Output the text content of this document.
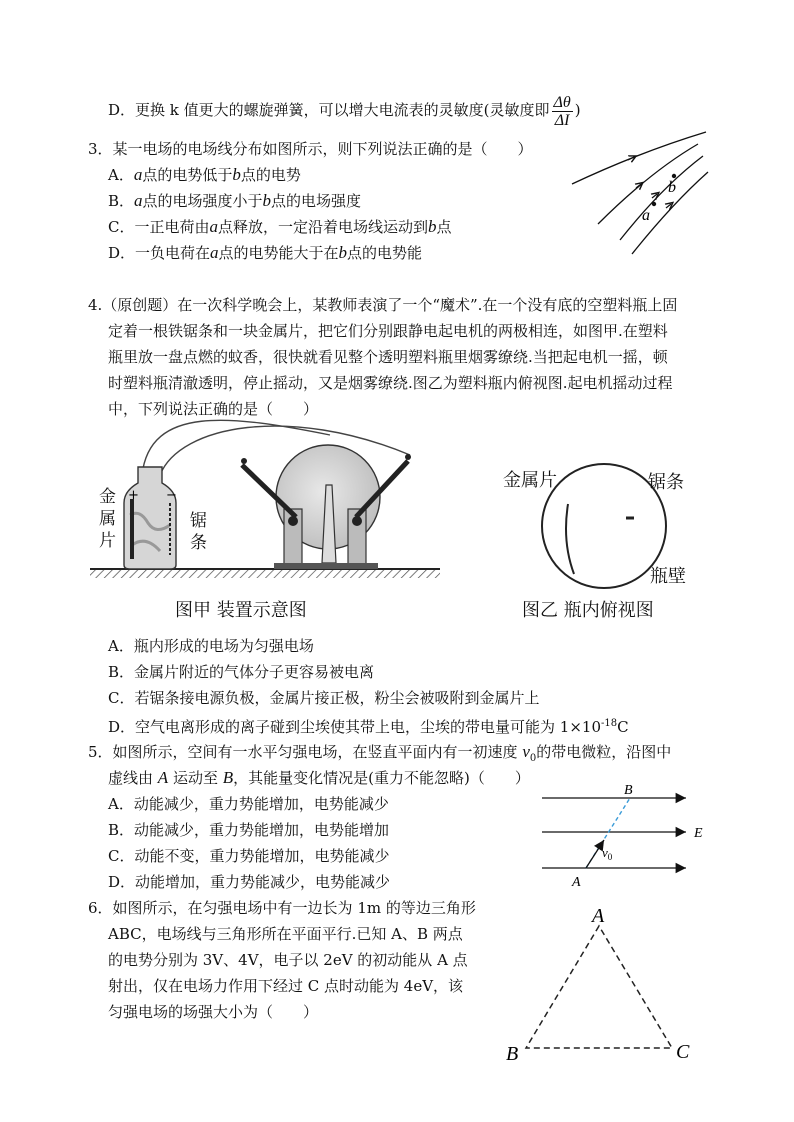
D．更换 k 值更大的螺旋弹簧，可以增大电流表的灵敏度(灵敏度即 $\frac{\Delta\theta}{\Delta I}$ )
3．某一电场的电场线分布如图所示，则下列说法正确的是（　　）
A．a点的电势低于b点的电势
B．a点的电场强度小于b点的电场强度
C．一正电荷由a点释放，一定沿着电场线运动到b点
D．一负电荷在a点的电势能大于在b点的电势能
b
a
4.（原创题）在一次科学晚会上，某教师表演了一个“魔术”.在一个没有底的空塑料瓶上固
定着一根铁锯条和一块金属片，把它们分别跟静电起电机的两极相连，如图甲.在塑料
瓶里放一盘点燃的蚊香，很快就看见整个透明塑料瓶里烟雾缭绕.当把起电机一摇，顿
时塑料瓶清澈透明，停止摇动，又是烟雾缭绕.图乙为塑料瓶内俯视图.起电机摇动过程
中，下列说法正确的是（　　）
+ −
金
属
片
锯
条
图甲 装置示意图
金属片	锯条
瓶壁
图乙 瓶内俯视图
A．瓶内形成的电场为匀强电场
B．金属片附近的气体分子更容易被电离
C．若锯条接电源负极，金属片接正极，粉尘会被吸附到金属片上
D．空气电离形成的离子碰到尘埃使其带上电，尘埃的带电量可能为 $1\times 10^{-18}C$
5．如图所示，空间有一水平匀强电场，在竖直平面内有一初速度 $v_0$的带电微粒，沿图中
虚线由 A 运动至 B，其能量变化情况是(重力不能忽略)（　　）
A．动能减少，重力势能增加，电势能减少
B．动能减少，重力势能增加，电势能增加
C．动能不变，重力势能增加，电势能减少
D．动能增加，重力势能减少，电势能减少
B
E
$v_0$
A
6．如图所示，在匀强电场中有一边长为 1m 的等边三角形
ABC，电场线与三角形所在平面平行.已知 A、B 两点
的电势分别为 3V、4V，电子以 2eV 的初动能从 A 点
射出，仅在电场力作用下经过 C 点时动能为 4eV，该
匀强电场的场强大小为（　　）
A
B	C
